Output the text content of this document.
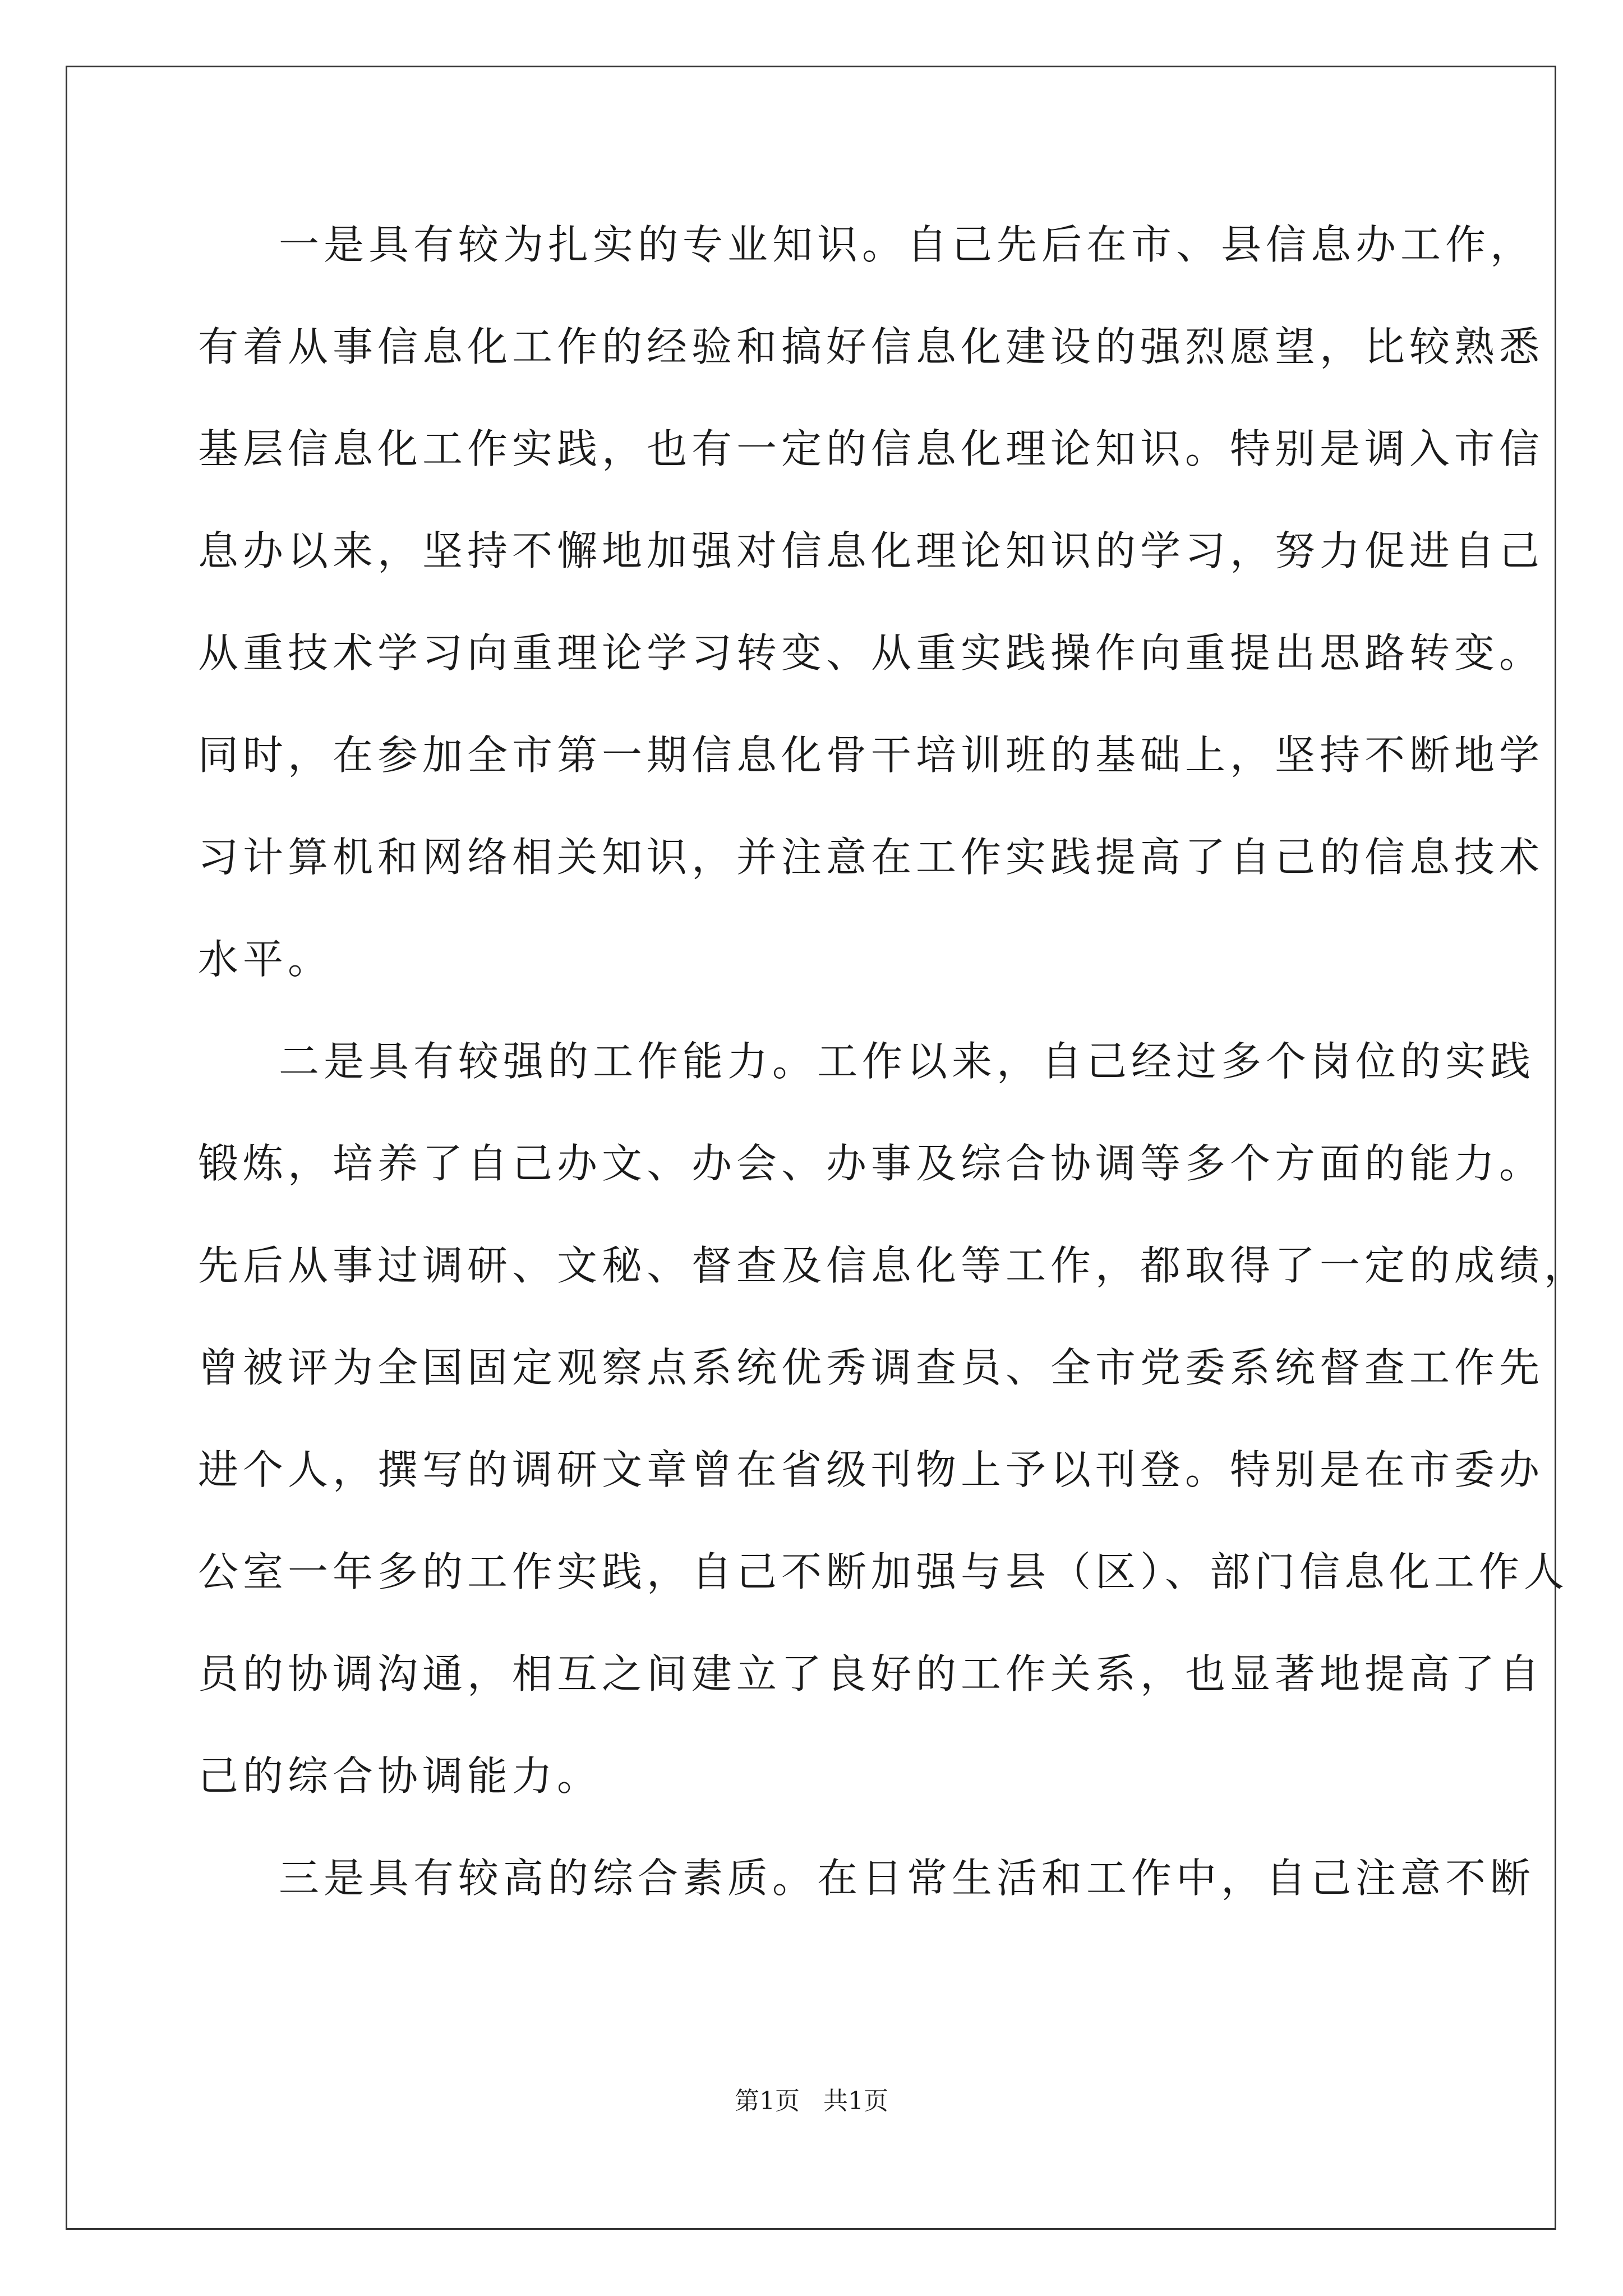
一是具有较为扎实的专业知识。自己先后在市、县信息办工作，
有着从事信息化工作的经验和搞好信息化建设的强烈愿望，比较熟悉
基层信息化工作实践，也有一定的信息化理论知识。特别是调入市信
息办以来，坚持不懈地加强对信息化理论知识的学习，努力促进自己
从重技术学习向重理论学习转变、从重实践操作向重提出思路转变。
同时，在参加全市第一期信息化骨干培训班的基础上，坚持不断地学
习计算机和网络相关知识，并注意在工作实践提高了自己的信息技术
水平。
二是具有较强的工作能力。工作以来，自己经过多个岗位的实践
锻炼，培养了自己办文、办会、办事及综合协调等多个方面的能力。
先后从事过调研、文秘、督查及信息化等工作，都取得了一定的成绩，
曾被评为全国固定观察点系统优秀调查员、全市党委系统督查工作先
进个人，撰写的调研文章曾在省级刊物上予以刊登。特别是在市委办
公室一年多的工作实践，自己不断加强与县（区）、部门信息化工作人
员的协调沟通，相互之间建立了良好的工作关系，也显著地提高了自
己的综合协调能力。
三是具有较高的综合素质。在日常生活和工作中，自己注意不断
第1页   共1页
